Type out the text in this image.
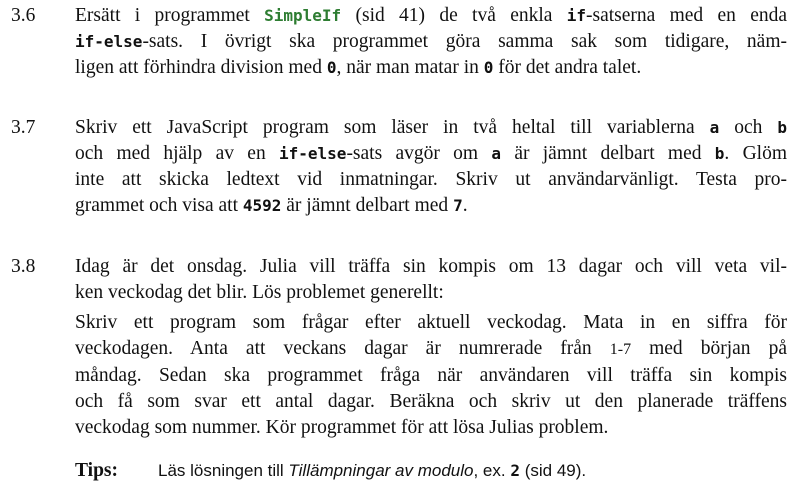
3.6 Ersätt i programmet SimpleIf (sid 41) de två enkla if-satserna med en enda
if-else-sats. I övrigt ska programmet göra samma sak som tidigare, näm-
ligen att förhindra division med 0, när man matar in 0 för det andra talet.
3.7 Skriv ett JavaScript program som läser in två heltal till variablerna a och b
och med hjälp av en if-else-sats avgör om a är jämnt delbart med b. Glöm
inte att skicka ledtext vid inmatningar. Skriv ut användarvänligt. Testa pro-
grammet och visa att 4592 är jämnt delbart med 7.
3.8 Idag är det onsdag. Julia vill träffa sin kompis om 13 dagar och vill veta vil-
ken veckodag det blir. Lös problemet generellt:
Skriv ett program som frågar efter aktuell veckodag. Mata in en siffra för
veckodagen. Anta att veckans dagar är numrerade från 1-7 med början på
måndag. Sedan ska programmet fråga när användaren vill träffa sin kompis
och få som svar ett antal dagar. Beräkna och skriv ut den planerade träffens
veckodag som nummer. Kör programmet för att lösa Julias problem.
Tips: Läs lösningen till Tillämpningar av modulo, ex. 2 (sid 49).
